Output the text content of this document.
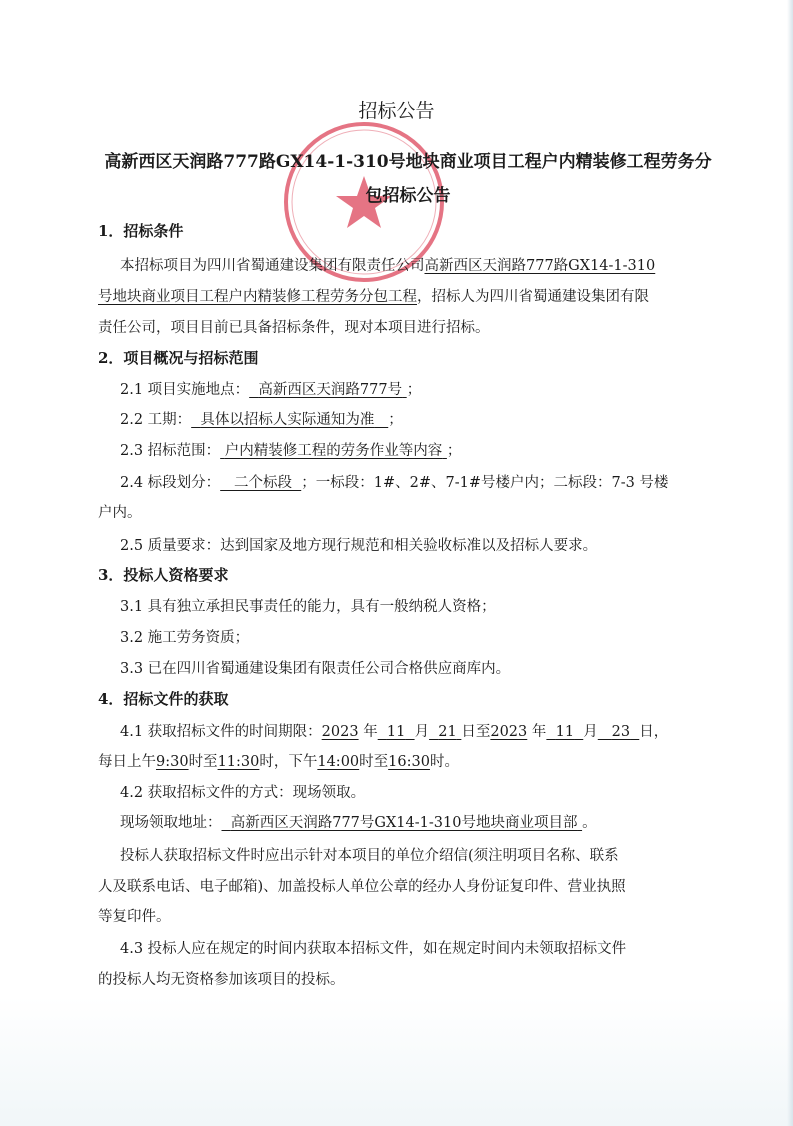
招标公告
高新西区天润路777路GX14-1-310号地块商业项目工程户内精装修工程劳务分包招标公告
1．招标条件
本招标项目为四川省蜀通建设集团有限责任公司高新西区天润路777路GX14-1-310
号地块商业项目工程户内精装修工程劳务分包工程，招标人为四川省蜀通建设集团有限
责任公司，项目目前已具备招标条件，现对本项目进行招标。
2．项目概况与招标范围
2.1 项目实施地点： 高新西区天润路777号 ；
2.2 工期： 具体以招标人实际通知为准 ；
2.3 招标范围： 户内精装修工程的劳务作业等内容 ；
2.4 标段划分： 二个标段 ；一标段：1#、2#、7-1#号楼户内；二标段：7-3 号楼
户内。
2.5 质量要求：达到国家及地方现行规范和相关验收标准以及招标人要求。
3．投标人资格要求
3.1 具有独立承担民事责任的能力，具有一般纳税人资格；
3.2 施工劳务资质；
3.3 已在四川省蜀通建设集团有限责任公司合格供应商库内。
4．招标文件的获取
4.1 获取招标文件的时间期限：2023 年 11 月 21 日至2023 年 11 月 23 日，
每日上午9:30时至11:30时，下午14:00时至16:30时。
4.2 获取招标文件的方式：现场领取。
现场领取地址： 高新西区天润路777号GX14-1-310号地块商业项目部 。
投标人获取招标文件时应出示针对本项目的单位介绍信(须注明项目名称、联系
人及联系电话、电子邮箱)、加盖投标人单位公章的经办人身份证复印件、营业执照
等复印件。
4.3 投标人应在规定的时间内获取本招标文件，如在规定时间内未领取招标文件
的投标人均无资格参加该项目的投标。
